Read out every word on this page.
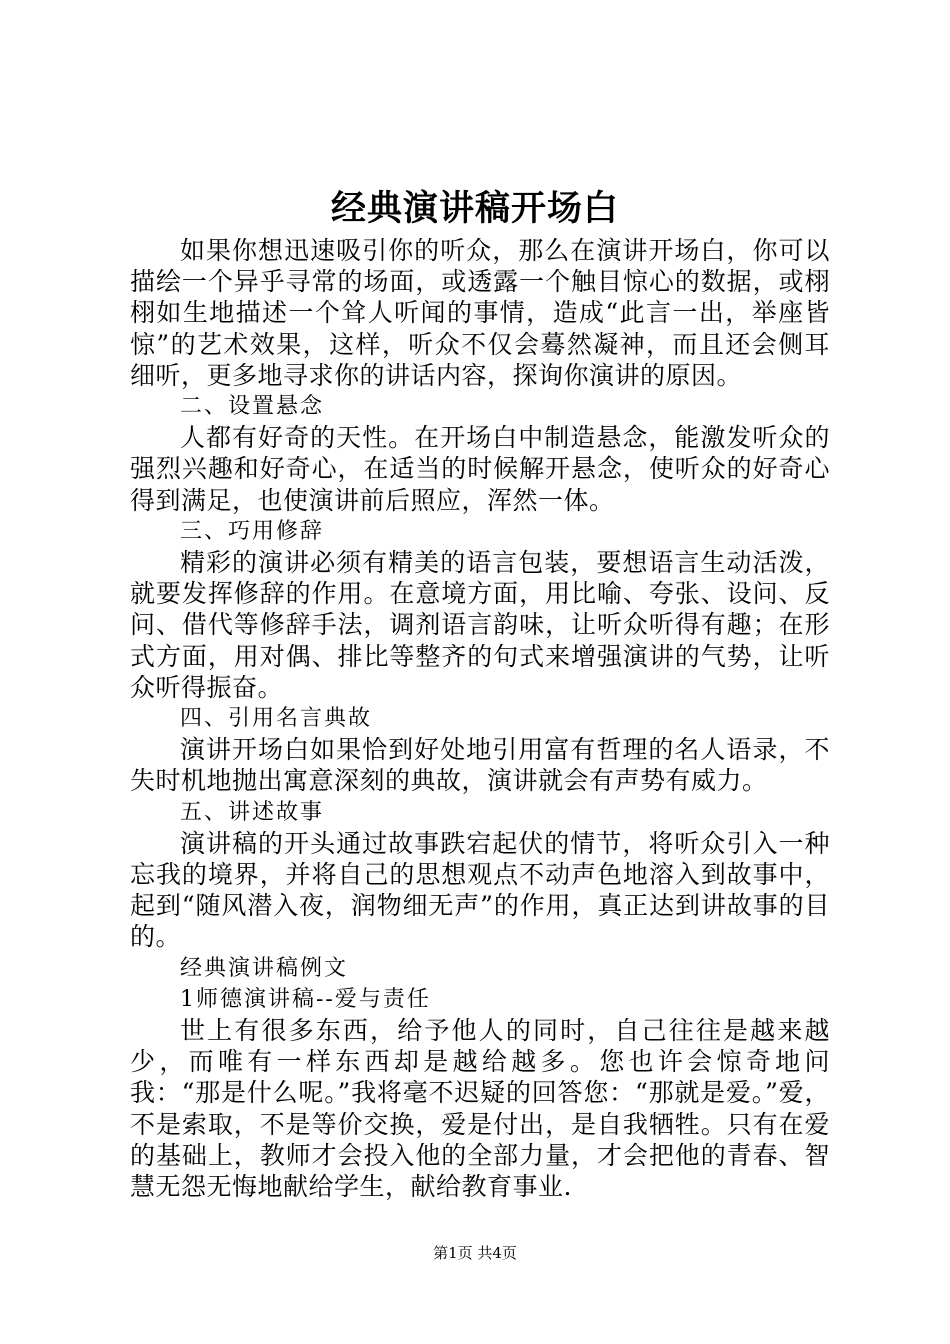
经典演讲稿开场白

如果你想迅速吸引你的听众，那么在演讲开场白，你可以描绘一个异乎寻常的场面，或透露一个触目惊心的数据，或栩栩如生地描述一个耸人听闻的事情，造成“此言一出，举座皆惊”的艺术效果，这样，听众不仅会蓦然凝神，而且还会侧耳细听，更多地寻求你的讲话内容，探询你演讲的原因。

二、设置悬念

人都有好奇的天性。在开场白中制造悬念，能激发听众的强烈兴趣和好奇心，在适当的时候解开悬念，使听众的好奇心得到满足，也使演讲前后照应，浑然一体。

三、巧用修辞

精彩的演讲必须有精美的语言包装，要想语言生动活泼，就要发挥修辞的作用。在意境方面，用比喻、夸张、设问、反问、借代等修辞手法，调剂语言韵味，让听众听得有趣；在形式方面，用对偶、排比等整齐的句式来增强演讲的气势，让听众听得振奋。

四、引用名言典故

演讲开场白如果恰到好处地引用富有哲理的名人语录，不失时机地抛出寓意深刻的典故，演讲就会有声势有威力。

五、讲述故事

演讲稿的开头通过故事跌宕起伏的情节，将听众引入一种忘我的境界，并将自己的思想观点不动声色地溶入到故事中，起到“随风潜入夜，润物细无声”的作用，真正达到讲故事的目的。

经典演讲稿例文

1师德演讲稿--爱与责任

世上有很多东西，给予他人的同时，自己往往是越来越少，而唯有一样东西却是越给越多。您也许会惊奇地问我：“那是什么呢。”我将毫不迟疑的回答您：“那就是爱。”爱，不是索取，不是等价交换，爱是付出，是自我牺牲。只有在爱的基础上，教师才会投入他的全部力量，才会把他的青春、智慧无怨无悔地献给学生，献给教育事业.

第1页 共4页
